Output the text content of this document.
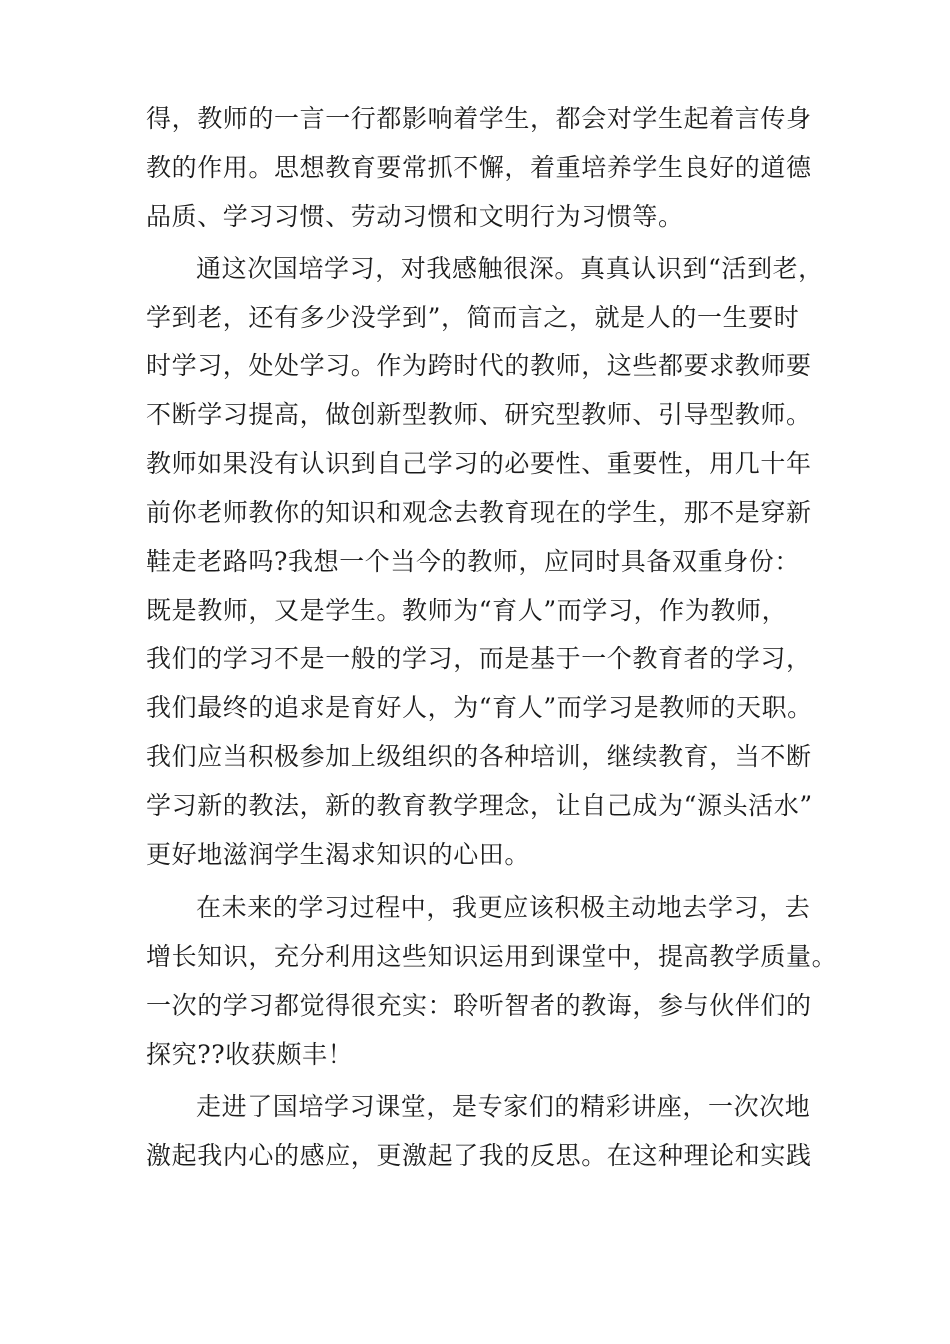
得，教师的一言一行都影响着学生，都会对学生起着言传身
教的作用。思想教育要常抓不懈，着重培养学生良好的道德
品质、学习习惯、劳动习惯和文明行为习惯等。
通这次国培学习，对我感触很深。真真认识到“活到老，
学到老，还有多少没学到”，简而言之，就是人的一生要时
时学习，处处学习。作为跨时代的教师，这些都要求教师要
不断学习提高，做创新型教师、研究型教师、引导型教师。
教师如果没有认识到自己学习的必要性、重要性，用几十年
前你老师教你的知识和观念去教育现在的学生，那不是穿新
鞋走老路吗?我想一个当今的教师，应同时具备双重身份：
既是教师，又是学生。教师为“育人”而学习，作为教师，
我们的学习不是一般的学习，而是基于一个教育者的学习，
我们最终的追求是育好人，为“育人”而学习是教师的天职。
我们应当积极参加上级组织的各种培训，继续教育，当不断
学习新的教法，新的教育教学理念，让自己成为“源头活水”
更好地滋润学生渴求知识的心田。
在未来的学习过程中，我更应该积极主动地去学习，去
增长知识，充分利用这些知识运用到课堂中，提高教学质量。
一次的学习都觉得很充实：聆听智者的教诲，参与伙伴们的
探究??收获颇丰！
走进了国培学习课堂，是专家们的精彩讲座，一次次地
激起我内心的感应，更激起了我的反思。在这种理论和实践
